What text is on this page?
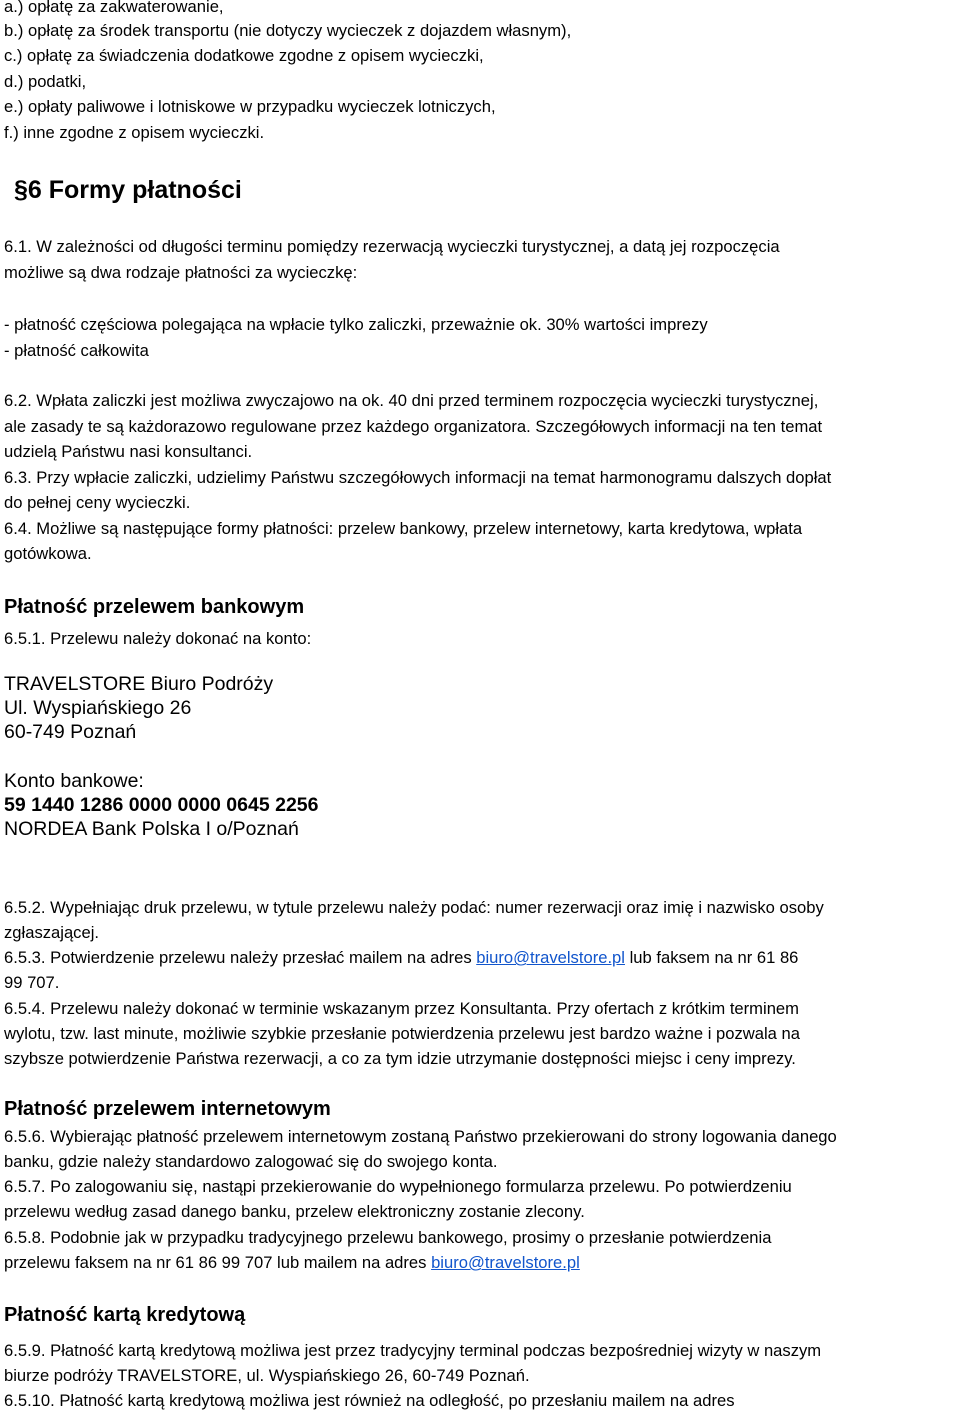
a.) opłatę za zakwaterowanie,
b.) opłatę za środek transportu (nie dotyczy wycieczek z dojazdem własnym),
c.) opłatę za świadczenia dodatkowe zgodne z opisem wycieczki,
d.) podatki,
e.) opłaty paliwowe i lotniskowe w przypadku wycieczek lotniczych,
f.) inne zgodne z opisem wycieczki.
§6 Formy płatności
6.1. W zależności od długości terminu pomiędzy rezerwacją wycieczki turystycznej, a datą jej rozpoczęcia
możliwe są dwa rodzaje płatności za wycieczkę:
- płatność częściowa polegająca na wpłacie tylko zaliczki, przeważnie ok. 30% wartości imprezy
- płatność całkowita
6.2. Wpłata zaliczki jest możliwa zwyczajowo na ok. 40 dni przed terminem rozpoczęcia wycieczki turystycznej,
ale zasady te są każdorazowo regulowane przez każdego organizatora. Szczegółowych informacji na ten temat
udzielą Państwu nasi konsultanci.
6.3. Przy wpłacie zaliczki, udzielimy Państwu szczegółowych informacji na temat harmonogramu dalszych dopłat
do pełnej ceny wycieczki.
6.4. Możliwe są następujące formy płatności: przelew bankowy, przelew internetowy, karta kredytowa, wpłata
gotówkowa.
Płatność przelewem bankowym
6.5.1. Przelewu należy dokonać na konto:
TRAVELSTORE Biuro Podróży
Ul. Wyspiańskiego 26
60-749 Poznań
Konto bankowe:
59 1440 1286 0000 0000 0645 2256
NORDEA Bank Polska I o/Poznań
6.5.2. Wypełniając druk przelewu, w tytule przelewu należy podać: numer rezerwacji oraz imię i nazwisko osoby
zgłaszającej.
6.5.3. Potwierdzenie przelewu należy przesłać mailem na adres biuro@travelstore.pl lub faksem na nr 61 86
99 707.
6.5.4. Przelewu należy dokonać w terminie wskazanym przez Konsultanta. Przy ofertach z krótkim terminem
wylotu, tzw. last minute, możliwie szybkie przesłanie potwierdzenia przelewu jest bardzo ważne i pozwala na
szybsze potwierdzenie Państwa rezerwacji, a co za tym idzie utrzymanie dostępności miejsc i ceny imprezy.
Płatność przelewem internetowym
6.5.6. Wybierając płatność przelewem internetowym zostaną Państwo przekierowani do strony logowania danego
banku, gdzie należy standardowo zalogować się do swojego konta.
6.5.7. Po zalogowaniu się, nastąpi przekierowanie do wypełnionego formularza przelewu. Po potwierdzeniu
przelewu według zasad danego banku, przelew elektroniczny zostanie zlecony.
6.5.8. Podobnie jak w przypadku tradycyjnego przelewu bankowego, prosimy o przesłanie potwierdzenia
przelewu faksem na nr 61 86 99 707 lub mailem na adres biuro@travelstore.pl
Płatność kartą kredytową
6.5.9. Płatność kartą kredytową możliwa jest przez tradycyjny terminal podczas bezpośredniej wizyty w naszym
biurze podróży TRAVELSTORE, ul. Wyspiańskiego 26, 60-749 Poznań.
6.5.10. Płatność kartą kredytową możliwa jest również na odległość, po przesłaniu mailem na adres
